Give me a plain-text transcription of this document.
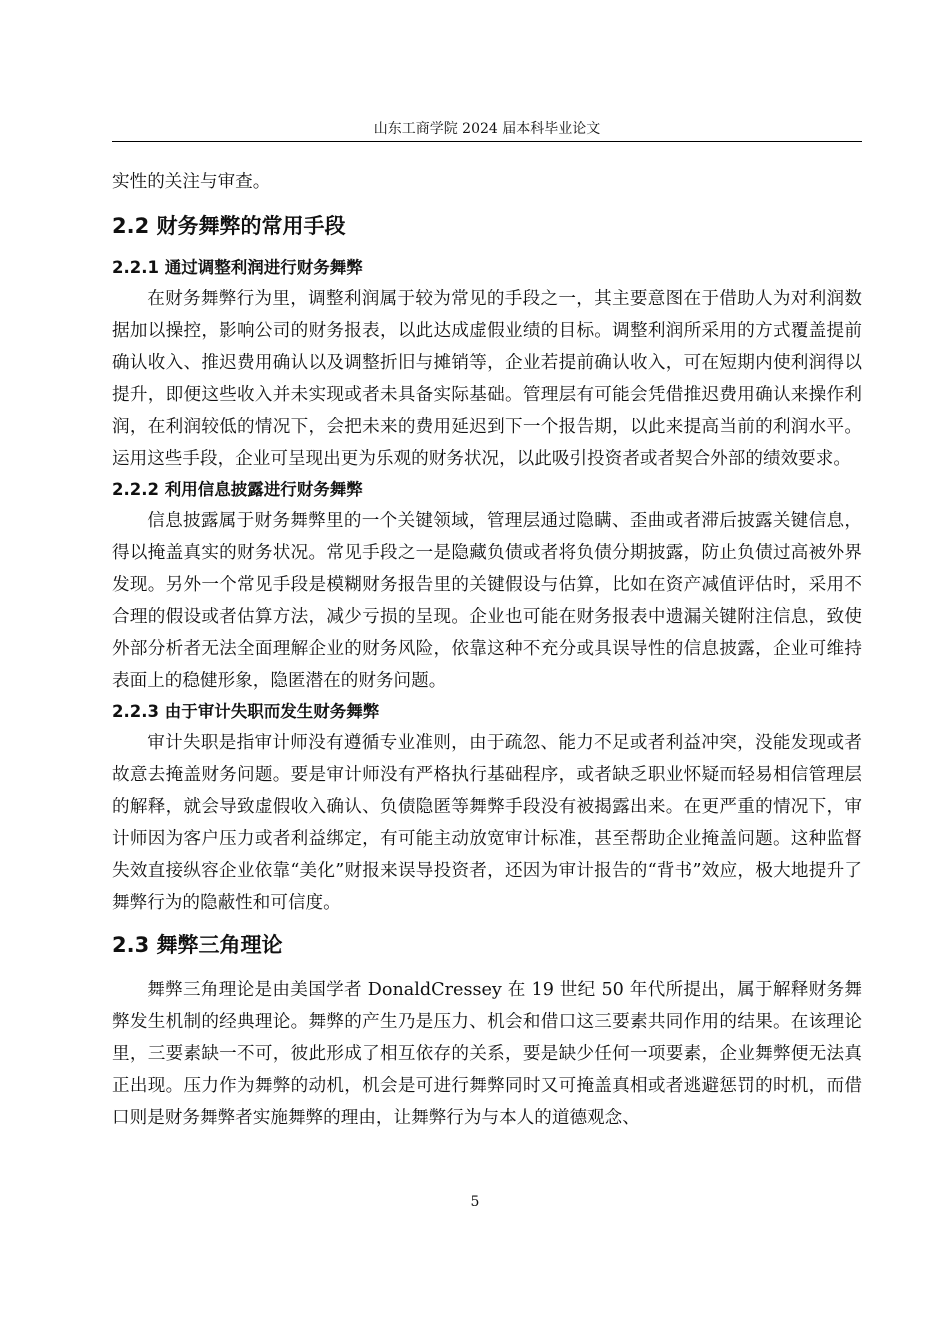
山东工商学院 2024 届本科毕业论文

实性的关注与审查。

2.2 财务舞弊的常用手段
2.2.1 通过调整利润进行财务舞弊

在财务舞弊行为里，调整利润属于较为常见的手段之一，其主要意图在于借助人为对利润数据加以操控，影响公司的财务报表，以此达成虚假业绩的目标。调整利润所采用的方式覆盖提前确认收入、推迟费用确认以及调整折旧与摊销等，企业若提前确认收入，可在短期内使利润得以提升，即便这些收入并未实现或者未具备实际基础。管理层有可能会凭借推迟费用确认来操作利润，在利润较低的情况下，会把未来的费用延迟到下一个报告期，以此来提高当前的利润水平。运用这些手段，企业可呈现出更为乐观的财务状况，以此吸引投资者或者契合外部的绩效要求。

2.2.2 利用信息披露进行财务舞弊

信息披露属于财务舞弊里的一个关键领域，管理层通过隐瞒、歪曲或者滞后披露关键信息，得以掩盖真实的财务状况。常见手段之一是隐藏负债或者将负债分期披露，防止负债过高被外界发现。另外一个常见手段是模糊财务报告里的关键假设与估算，比如在资产减值评估时，采用不合理的假设或者估算方法，减少亏损的呈现。企业也可能在财务报表中遗漏关键附注信息，致使外部分析者无法全面理解企业的财务风险，依靠这种不充分或具误导性的信息披露，企业可维持表面上的稳健形象，隐匿潜在的财务问题。

2.2.3 由于审计失职而发生财务舞弊

审计失职是指审计师没有遵循专业准则，由于疏忽、能力不足或者利益冲突，没能发现或者故意去掩盖财务问题。要是审计师没有严格执行基础程序，或者缺乏职业怀疑而轻易相信管理层的解释，就会导致虚假收入确认、负债隐匿等舞弊手段没有被揭露出来。在更严重的情况下，审计师因为客户压力或者利益绑定，有可能主动放宽审计标准，甚至帮助企业掩盖问题。这种监督失效直接纵容企业依靠“美化”财报来误导投资者，还因为审计报告的“背书”效应，极大地提升了舞弊行为的隐蔽性和可信度。

2.3 舞弊三角理论

舞弊三角理论是由美国学者 DonaldCressey 在 19 世纪 50 年代所提出，属于解释财务舞弊发生机制的经典理论。舞弊的产生乃是压力、机会和借口这三要素共同作用的结果。在该理论里，三要素缺一不可，彼此形成了相互依存的关系，要是缺少任何一项要素，企业舞弊便无法真正出现。压力作为舞弊的动机，机会是可进行舞弊同时又可掩盖真相或者逃避惩罚的时机，而借口则是财务舞弊者实施舞弊的理由，让舞弊行为与本人的道德观念、

5
